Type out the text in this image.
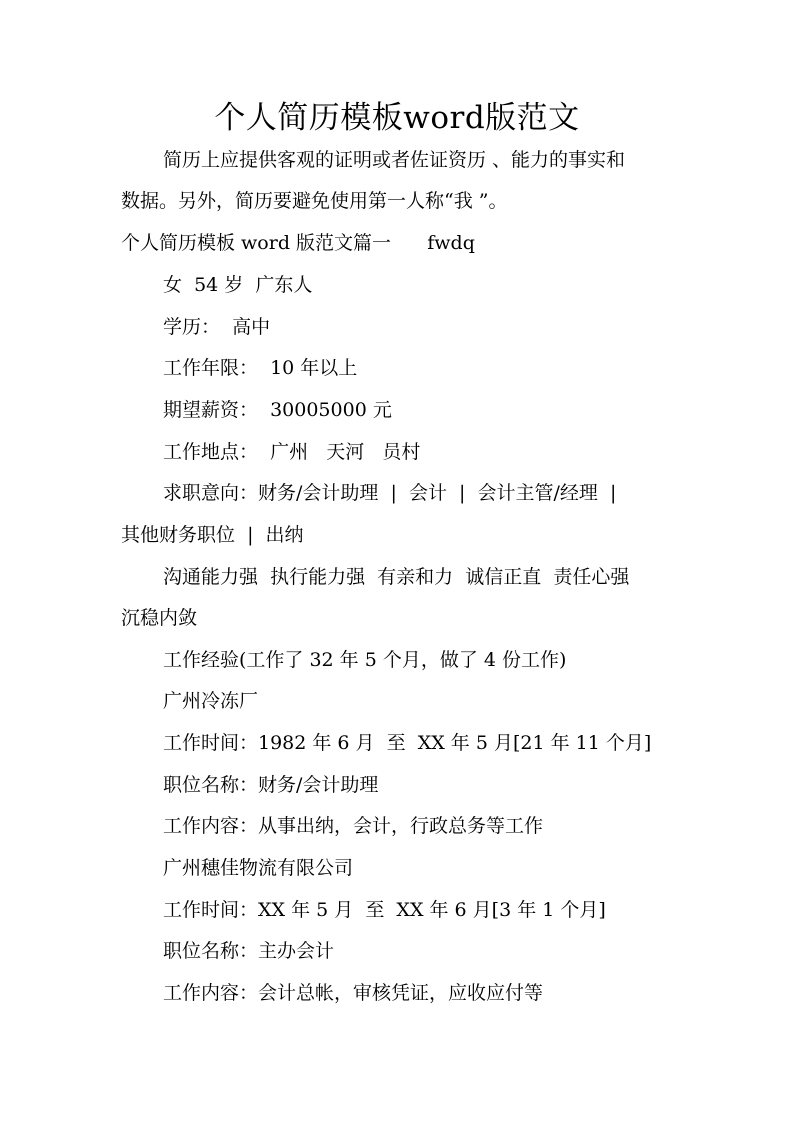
个人简历模板word版范文

简历上应提供客观的证明或者佐证资历 、能力的事实和

数据。另外，简历要避免使用第一人称“我 ”。

个人简历模板 word 版范文篇一      fwdq

女  54 岁  广东人

学历：  高中

工作年限：  10 年以上

期望薪资：  30005000 元

工作地点：  广州   天河   员村

求职意向：财务/会计助理  |  会计  |  会计主管/经理  |

其他财务职位  |  出纳

沟通能力强  执行能力强  有亲和力  诚信正直  责任心强

沉稳内敛

工作经验(工作了 32 年 5 个月，做了 4 份工作)

广州冷冻厂

工作时间：1982 年 6 月  至  XX 年 5 月[21 年 11 个月]

职位名称：财务/会计助理

工作内容：从事出纳，会计，行政总务等工作

广州穗佳物流有限公司

工作时间：XX 年 5 月  至  XX 年 6 月[3 年 1 个月]

职位名称：主办会计

工作内容：会计总帐，审核凭证，应收应付等
